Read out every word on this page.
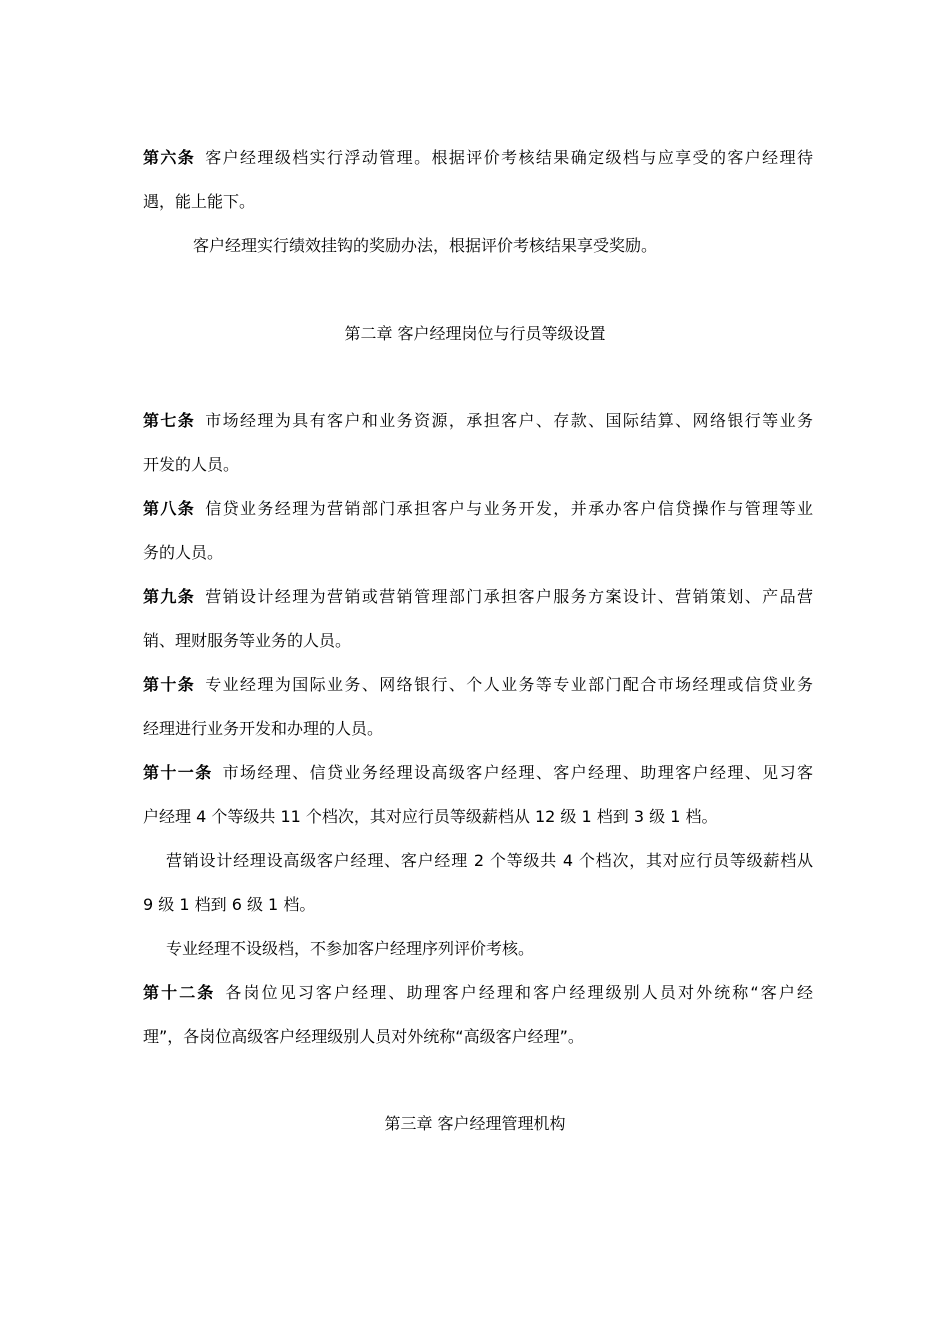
第六条 客户经理级档实行浮动管理。根据评价考核结果确定级档与应享受的客户经理待
遇，能上能下。
客户经理实行绩效挂钩的奖励办法，根据评价考核结果享受奖励。
第二章 客户经理岗位与行员等级设置
第七条 市场经理为具有客户和业务资源，承担客户、存款、国际结算、网络银行等业务
开发的人员。
第八条 信贷业务经理为营销部门承担客户与业务开发，并承办客户信贷操作与管理等业
务的人员。
第九条 营销设计经理为营销或营销管理部门承担客户服务方案设计、营销策划、产品营
销、理财服务等业务的人员。
第十条 专业经理为国际业务、网络银行、个人业务等专业部门配合市场经理或信贷业务
经理进行业务开发和办理的人员。
第十一条 市场经理、信贷业务经理设高级客户经理、客户经理、助理客户经理、见习客
户经理 4 个等级共 11 个档次，其对应行员等级薪档从 12 级 1 档到 3 级 1 档。
营销设计经理设高级客户经理、客户经理 2 个等级共 4 个档次，其对应行员等级薪档从
9 级 1 档到 6 级 1 档。
专业经理不设级档，不参加客户经理序列评价考核。
第十二条 各岗位见习客户经理、助理客户经理和客户经理级别人员对外统称“客户经
理”，各岗位高级客户经理级别人员对外统称“高级客户经理”。
第三章 客户经理管理机构
